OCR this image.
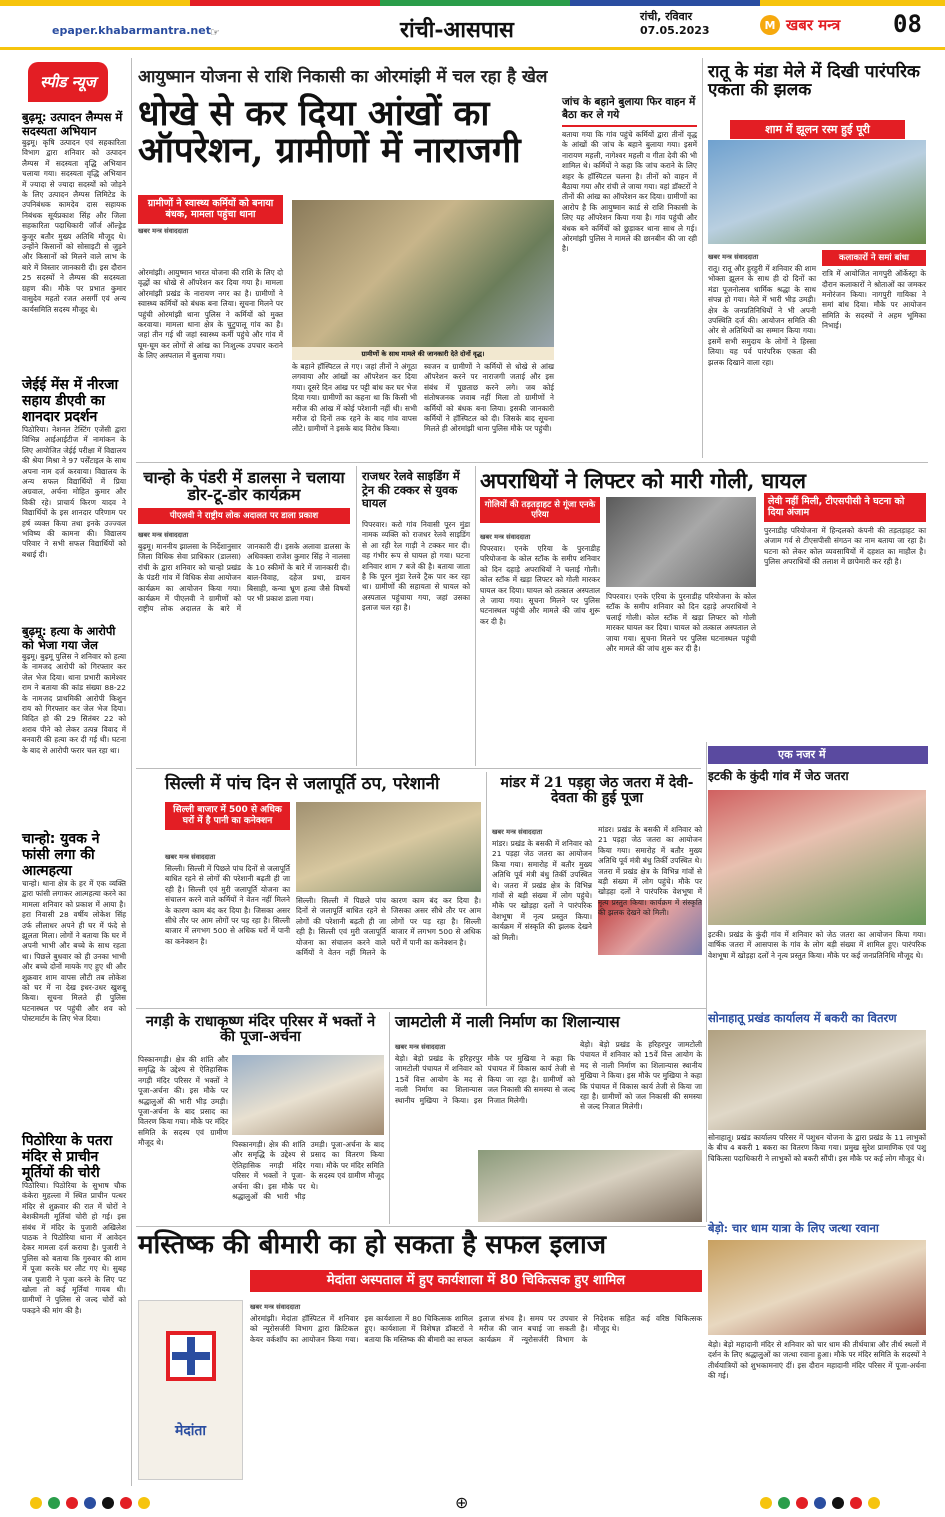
epaper.khabarmantra.net ☞	रांची-आसपास
रांची, रविवार
07.05.2023	M खबर मन्त्र 08
स्पीड न्यूज
बुढ़मू: उत्पादन लैम्पस में सदस्यता अभियान
बुढ़मू। कृषि उत्पादन एवं सहकारिता विभाग द्वारा शनिवार को उत्पादन लैम्पस में सदस्यता वृद्धि अभियान चलाया गया। सदस्यता वृद्धि अभियान में ज्यादा से ज्यादा सदस्यों को जोड़ने के लिए उत्पादन लैम्पस लिमिटेड के उपनिबंधक कामदेव दास सहायक निबंधक सूर्यप्रकाश सिंह और जिला सहकारिता पदाधिकारी जॉर्ज ऑल्ड्रेड कुजूर बतौर मुख्य अतिथि मौजूद थे। उन्होंने किसानों को सोसाइटी से जुड़ने और किसानों को मिलने वाले लाभ के बारे में विस्तार जानकारी दी। इस दौरान 25 सदस्यों ने लैम्पस की सदस्यता ग्रहण की। मौके पर प्रभात कुमार वासुदेव महतो रजत असर्गी एवं अन्य कार्यसमिति सदस्य मौजूद थे।
जेईई मेंस में नीरजा सहाय डीएवी का शानदार प्रदर्शन
पिठोरिया। नेशनल टेस्टिंग एजेंसी द्वारा विभिन्न आईआईटीज में नामांकन के लिए आयोजित जेईई परीक्षा में विद्यालय की श्रेया मिश्रा ने 97 पर्सेंटाइल के साथ अपना नाम दर्ज करवाया। विद्यालय के अन्य सफल विद्यार्थियों में प्रिया अग्रवाल, अर्चना मोहित कुमार और विकी रहे। प्राचार्य किरण यादव ने विद्यार्थियों के इस शानदार परिणाम पर हर्ष व्यक्त किया तथा इनके उज्ज्वल भविष्य की कामना की। विद्यालय परिवार ने सभी सफल विद्यार्थियों को बधाई दी।
बुढ़मू: हत्या के आरोपी को भेजा गया जेल
बुढ़मू। बुढ़मू पुलिस ने शनिवार को हत्या के नामजद आरोपी को गिरफ्तार कर जेल भेज दिया। थाना प्रभारी कामेश्वर राम ने बताया की कांड संख्या 88-22 के नामजद प्राथमिकी आरोपी किशुन राय को गिरफ्तार कर जेल भेज दिया। विदित हो की 29 सितंबर 22 को शराब पीने को लेकर उत्पन्न विवाद में बनवारी की हत्या कर दी गई थी। घटना के बाद से आरोपी फरार चल रहा था।
चान्हो: युवक ने फांसी लगा की आत्महत्या
चान्हो। थाना क्षेत्र के हर में एक व्यक्ति द्वारा फांसी लगाकर आत्महत्या करने का मामला शनिवार को प्रकाश में आया है। हरा निवासी 28 वर्षीय लोकेश सिंह उर्फ लीलाधर अपने ही घर में फंदे से झूलता मिला। लोगों ने बताया कि घर में अपनी भाभी और बच्चे के साथ रहता था। पिछले बुधवार को ही उनका भाभी और बच्चे दोनों मायके गए हुए थी और शुक्रवार शाम वापस लौटी तब लोकेश को घर में ना देख इधर-उधर खुशबू किया। सूचना मिलते ही पुलिस घटनास्थल पर पहुंची और शव को पोस्टमार्टम के लिए भेज दिया।
पिठोरिया के पतरा मंदिर से प्राचीन मूर्तियों की चोरी
पिठोरिया। पिठोरिया के सुभाष चौक कंकेरा मुहल्ला में स्थित प्राचीन पत्थर मंदिर से शुक्रवार की रात में चोरों ने बेशकीमती मूर्तियां चोरी हो गई। इस संबंध में मंदिर के पुजारी अखिलेश पाठक ने पिठोरिया थाना में आवेदन देकर मामला दर्ज कराया है। पुजारी ने पुलिस को बताया कि गुरुवार की शाम में पूजा करके घर लौट गए थे। सुबह जब पुजारी ने पूजा करने के लिए पट खोला तो कई मूर्तियां गायब थी। ग्रामीणों ने पुलिस से जल्द चोरों को पकड़ने की मांग की है।
आयुष्मान योजना से राशि निकासी का ओरमांझी में चल रहा है खेल
धोखे से कर दिया आंखों का ऑपरेशन, ग्रामीणों में नाराजगी
ग्रामीणों ने स्वास्थ्य कर्मियों को बनाया बंधक, मामला पहुंचा थाना
खबर मन्त्र संवाददाता
ग्रामीणों के साथ मामले की जानकारी देते दोनों वृद्ध।
ओरमांझी। आयुष्मान भारत योजना की राशि के लिए दो वृद्धों का धोखे से ऑपरेशन कर दिया गया है। मामला ओरमांझी प्रखंड के नारायण नगर का है। ग्रामीणों ने स्वास्थ्य कर्मियों को बंधक बना लिया। सूचना मिलने पर पहुंची ओरमांझी थाना पुलिस ने कर्मियों को मुक्त करवाया। मामला थाना क्षेत्र के चुटुपालू गांव का है। जहां तीन गई थी जहां स्वास्थ्य कर्मी पहुंचे और गांव में घूम-घूम कर लोगों से आंख का निःशुल्क उपचार कराने के लिए अस्पताल में बुलाया गया।
के बहाने हॉस्पिटल ले गए। जहां तीनों ने अंगूठा लगवाया और आंखों का ऑपरेशन कर दिया गया। दूसरे दिन आंख पर पट्टी बांध कर घर भेज दिया गया। ग्रामीणों का कहना था कि किसी भी मरीज की आंख में कोई परेशानी नहीं थी। सभी मरीज दो दिनों तक रहने के बाद गांव वापस लौटे। ग्रामीणों ने इसके बाद विरोध किया।
स्वजन व ग्रामीणों ने कर्मियों से धोखे से आंख ऑपरेशन करने पर नाराजगी जताई और इस संबंध में पूछताछ करने लगे। जब कोई संतोषजनक जवाब नहीं मिला तो ग्रामीणों ने कर्मियों को बंधक बना लिया। इसकी जानकारी कर्मियों ने हॉस्पिटल को दी। जिसके बाद सूचना मिलते ही ओरमांझी थाना पुलिस मौके पर पहुंची।
जांच के बहाने बुलाया फिर वाहन में बैठा कर ले गये
बताया गया कि गांव पहुंचे कर्मियों द्वारा तीनों वृद्ध के आंखों की जांच के बहाने बुलाया गया। इसमें नारायण महली, नागेश्वर महली व गीता देवी की भी शामिल थे। कर्मियों ने कहा कि जांच कराने के लिए शहर के हॉस्पिटल चलना है। तीनों को वाहन में बैठाया गया और रांची ले जाया गया। वहां डॉक्टरों ने तीनों की आंख का ऑपरेशन कर दिया। ग्रामीणों का आरोप है कि आयुष्मान कार्ड से राशि निकासी के लिए यह ऑपरेशन किया गया है। गांव पहुंची और बंधक बने कर्मियों को छुड़ाकर थाना साथ ले गई। ओरमांझी पुलिस ने मामले की छानबीन की जा रही है।
रातू के मंडा मेले में दिखी पारंपरिक एकता की झलक
शाम में झूलन रस्म हुई पूरी
खबर मन्त्र संवाददाता
रातू। रातू और हुरहुरी में शनिवार की शाम भोक्ता झूलन के साथ ही दो दिनों का मंडा पूजनोत्सव धार्मिक श्रद्धा के साथ संपन्न हो गया। मेले में भारी भीड़ उमड़ी। क्षेत्र के जनप्रतिनिधियों ने भी अपनी उपस्थिति दर्ज की। आयोजन समिति की ओर से अतिथियों का सम्मान किया गया। इसमें सभी समुदाय के लोगों ने हिस्सा लिया। यह पर्व पारंपरिक एकता की झलक दिखाने वाला रहा।
कलाकारों ने समां बांधा
रात्रि में आयोजित नागपुरी ऑर्केस्ट्रा के दौरान कलाकारों ने श्रोताओं का जमकर मनोरंजन किया। नागपुरी गायिका ने समां बांध दिया। मौके पर आयोजन समिति के सदस्यों ने अहम भूमिका निभाई।
चान्हो के पंडरी में डालसा ने चलाया डोर-टू-डोर कार्यक्रम
पीएलवी ने राष्ट्रीय लोक अदालत पर डाला प्रकाश
खबर मन्त्र संवाददाता
बुढ़मू। माननीय झालसा के निर्देशानुसार जिला विधिक सेवा प्राधिकार (डालसा) रांची के द्वारा शनिवार को चान्हो प्रखंड के पंडरी गांव में विधिक सेवा आयोजन कार्यक्रम का आयोजन किया गया। कार्यक्रम में पीएलवी ने ग्रामीणों को राष्ट्रीय लोक अदालत के बारे में जानकारी दी। इसके अलावा डालसा के अधिवक्ता राजेश कुमार सिंह ने नालसा के 10 स्कीमों के बारे में जानकारी दी। बाल-विवाह, दहेज प्रथा, डायन बिसाही, कन्या भ्रूण हत्या जैसे विषयों पर भी प्रकाश डाला गया।
राजधर रेलवे साइडिंग में ट्रेन की टक्कर से युवक घायल
पिपरवार। करो गांव निवासी पूरन मुंडा नामक व्यक्ति को राजधर रेलवे साइडिंग से आ रही रेल गाड़ी ने टक्कर मार दी। वह गंभीर रूप से घायल हो गया। घटना शनिवार शाम 7 बजे की है। बताया जाता है कि पूरन मुंडा रेलवे ट्रैक पार कर रहा था। ग्रामीणों की सहायता से घायल को अस्पताल पहुंचाया गया, जहां उसका इलाज चल रहा है।
अपराधियों ने लिफ्टर को मारी गोली, घायल
गोलियों की तड़तड़ाहट से गूंजा एनके एरिया
खबर मन्त्र संवाददाता
पिपरवार। एनके एरिया के पुरनाडीह परियोजना के कोल स्टॉक के समीप शनिवार को दिन दहाड़े अपराधियों ने चलाई गोली। कोल स्टॉक में खड़ा लिफ्टर को गोली मारकर घायल कर दिया। घायल को तत्काल अस्पताल ले जाया गया। सूचना मिलने पर पुलिस घटनास्थल पहुंची और मामले की जांच शुरू कर दी है।
पिपरवार। एनके एरिया के पुरनाडीह परियोजना के कोल स्टॉक के समीप शनिवार को दिन दहाड़े अपराधियों ने चलाई गोली। कोल स्टॉक में खड़ा लिफ्टर को गोली मारकर घायल कर दिया। घायल को तत्काल अस्पताल ले जाया गया। सूचना मिलने पर पुलिस घटनास्थल पहुंची और मामले की जांच शुरू कर दी है।
लेवी नहीं मिली, टीएसपीसी ने घटना को दिया अंजाम
पुरनाडीह परियोजना में हिन्दलको कंपनी की तड़तड़ाहट का अंजाम गर्व से टीएसपीसी संगठन का नाम बताया जा रहा है। घटना को लेकर कोल व्यवसायियों में दहशत का माहौल है। पुलिस अपराधियों की तलाश में छापेमारी कर रही है।
सिल्ली में पांच दिन से जलापूर्ति ठप, परेशानी
सिल्ली बाजार में 500 से अधिक घरों में है पानी का कनेक्शन
खबर मन्त्र संवाददाता
सिल्ली। सिल्ली में पिछले पांच दिनों से जलापूर्ति बाधित रहने से लोगों की परेशानी बढ़ती ही जा रही है। सिल्ली एवं मुरी जलापूर्ति योजना का संचालन करने वाले कर्मियों ने वेतन नहीं मिलने के कारण काम बंद कर दिया है। जिसका असर सीधे तौर पर आम लोगों पर पड़ रहा है। सिल्ली बाजार में लगभग 500 से अधिक घरों में पानी का कनेक्शन है।
सिल्ली। सिल्ली में पिछले पांच दिनों से जलापूर्ति बाधित रहने से लोगों की परेशानी बढ़ती ही जा रही है। सिल्ली एवं मुरी जलापूर्ति योजना का संचालन करने वाले कर्मियों ने वेतन नहीं मिलने के कारण काम बंद कर दिया है। जिसका असर सीधे तौर पर आम लोगों पर पड़ रहा है। सिल्ली बाजार में लगभग 500 से अधिक घरों में पानी का कनेक्शन है।
मांडर में 21 पड़हा जेठ जतरा में देवी-देवता की हुई पूजा
खबर मन्त्र संवाददाता
मांडर। प्रखंड के बसकी में शनिवार को 21 पड़हा जेठ जतरा का आयोजन किया गया। समारोह में बतौर मुख्य अतिथि पूर्व मंत्री बंधु तिर्की उपस्थित थे। जतरा में प्रखंड क्षेत्र के विभिन्न गांवों से बड़ी संख्या में लोग पहुंचे। मौके पर खोड़हा दलों ने पारंपरिक वेशभूषा में नृत्य प्रस्तुत किया। कार्यक्रम में संस्कृति की झलक देखने को मिली।
मांडर। प्रखंड के बसकी में शनिवार को 21 पड़हा जेठ जतरा का आयोजन किया गया। समारोह में बतौर मुख्य अतिथि पूर्व मंत्री बंधु तिर्की उपस्थित थे। जतरा में प्रखंड क्षेत्र के विभिन्न गांवों से बड़ी संख्या में लोग पहुंचे। मौके पर खोड़हा दलों ने पारंपरिक वेशभूषा में नृत्य प्रस्तुत किया। कार्यक्रम में संस्कृति की झलक देखने को मिली।
एक नजर में
इटकी के कुंदी गांव में जेठ जतरा
इटकी। प्रखंड के कुंदी गांव में शनिवार को जेठ जतरा का आयोजन किया गया। वार्षिक जतरा में आसपास के गांव के लोग बड़ी संख्या में शामिल हुए। पारंपरिक वेशभूषा में खोड़हा दलों ने नृत्य प्रस्तुत किया। मौके पर कई जनप्रतिनिधि मौजूद थे।
सोनाहातू प्रखंड कार्यालय में बकरी का वितरण
सोनाहातू। प्रखंड कार्यालय परिसर में पशुधन योजना के द्वारा प्रखंड के 11 लाभुकों के बीच 4 बकरी 1 बकरा का वितरण किया गया। प्रमुख सुरेश प्रामाणिक एवं पशु चिकित्सा पदाधिकारी ने लाभुकों को बकरी सौंपी। इस मौके पर कई लोग मौजूद थे।
नगड़ी के राधाकृष्ण मंदिर परिसर में भक्तों ने की पूजा-अर्चना
पिस्कानगड़ी। क्षेत्र की शांति और समृद्धि के उद्देश्य से ऐतिहासिक नगड़ी मंदिर परिसर में भक्तों ने पूजा-अर्चना की। इस मौके पर श्रद्धालुओं की भारी भीड़ उमड़ी। पूजा-अर्चना के बाद प्रसाद का वितरण किया गया। मौके पर मंदिर समिति के सदस्य एवं ग्रामीण मौजूद थे।	पिस्कानगड़ी। क्षेत्र की शांति और समृद्धि के उद्देश्य से ऐतिहासिक नगड़ी मंदिर परिसर में भक्तों ने पूजा-अर्चना की। इस मौके पर श्रद्धालुओं की भारी भीड़ उमड़ी। पूजा-अर्चना के बाद प्रसाद का वितरण किया गया। मौके पर मंदिर समिति के सदस्य एवं ग्रामीण मौजूद थे।
जामटोली में नाली निर्माण का शिलान्यास
खबर मन्त्र संवाददाता
बेड़ो। बेड़ो प्रखंड के हरिहरपुर जामटोली पंचायत में शनिवार को 15वें वित्त आयोग के मद से नाली निर्माण का शिलान्यास स्थानीय मुखिया ने किया। इस मौके पर मुखिया ने कहा कि पंचायत में विकास कार्य तेजी से किया जा रहा है। ग्रामीणों को जल निकासी की समस्या से जल्द निजात मिलेगी।
बेड़ो। बेड़ो प्रखंड के हरिहरपुर जामटोली पंचायत में शनिवार को 15वें वित्त आयोग के मद से नाली निर्माण का शिलान्यास स्थानीय मुखिया ने किया। इस मौके पर मुखिया ने कहा कि पंचायत में विकास कार्य तेजी से किया जा रहा है। ग्रामीणों को जल निकासी की समस्या से जल्द निजात मिलेगी।
बेड़ो: चार धाम यात्रा के लिए जत्था रवाना
बेड़ो। बेड़ो महादानी मंदिर से शनिवार को चार धाम की तीर्थयात्रा और तीर्थ स्थलों में दर्शन के लिए श्रद्धालुओं का जत्था रवाना हुआ। मौके पर मंदिर समिति के सदस्यों ने तीर्थयात्रियों को शुभकामनाएं दीं। इस दौरान महादानी मंदिर परिसर में पूजा-अर्चना की गई।
मस्तिष्क की बीमारी का हो सकता है सफल इलाज
मेदांता अस्पताल में हुए कार्यशाला में 80 चिकित्सक हुए शामिल
मेदांता
खबर मन्त्र संवाददाता
ओरमांझी। मेदांता हॉस्पिटल में शनिवार को न्यूरोसर्जरी विभाग द्वारा क्रिटिकल केयर वर्कशॉप का आयोजन किया गया। इस कार्यशाला में 80 चिकित्सक शामिल हुए। कार्यशाला में विशेषज्ञ डॉक्टरों ने बताया कि मस्तिष्क की बीमारी का सफल इलाज संभव है। समय पर उपचार से मरीज की जान बचाई जा सकती है। कार्यक्रम में न्यूरोसर्जरी विभाग के निदेशक सहित कई वरिष्ठ चिकित्सक मौजूद थे।
⊕
